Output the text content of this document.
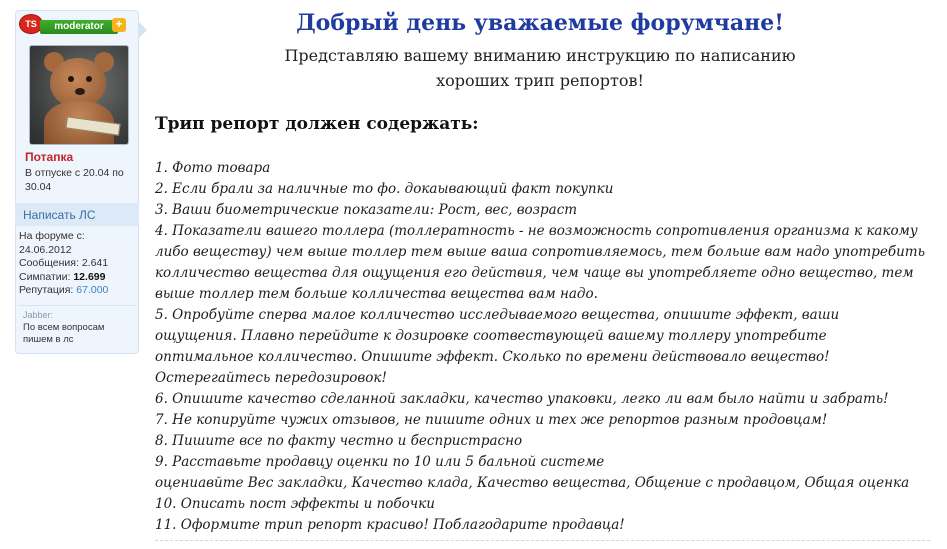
TS	moderator +
Потапка
В отпуске с 20.04 по 30.04
Написать ЛС
На форуме с:
24.06.2012
Сообщения: 2.641
Симпатии: 12.699
Репутация: 67.000
Jabber:
По всем вопросам пишем в лс
Добрый день уважаемые форумчане!
Представляю вашему вниманию инструкцию по написанию
хороших трип репортов!
Трип репорт должен содержать:
1. Фото товара
2. Если брали за наличные то фо. докаывающий факт покупки
3. Ваши биометрические показатели: Рост, вес, возраст
4. Показатели вашего толлера (толлератность - не возможность сопротивления организма к какому либо веществу) чем выше толлер тем выше ваша сопротивляемось, тем больше вам надо употребить колличество вещества для ощущения его действия, чем чаще вы употребляете одно вещество, тем выше толлер тем больше колличества вещества вам надо.
5. Опробуйте сперва малое колличество исследываемого вещества, опишите эффект, ваши ощущения. Плавно перейдите к дозировке соотвествующей вашему толлеру употребите оптимальное колличество. Опишите эффект. Сколько по времени действовало вещество! Остерегайтесь передозировок!
6. Опишите качество сделанной закладки, качество упаковки, легко ли вам было найти и забрать!
7. Не копируйте чужих отзывов, не пишите одних и тех же репортов разным продовцам!
8. Пишите все по факту честно и беспристрасно
9. Расставьте продавцу оценки по 10 или 5 бальной системе
оцениавйте Вес закладки, Качество клада, Качество вещества, Общение с продавцом, Общая оценка
10. Описать пост эффекты и побочки
11. Оформите трип репорт красиво! Поблагодарите продавца!
